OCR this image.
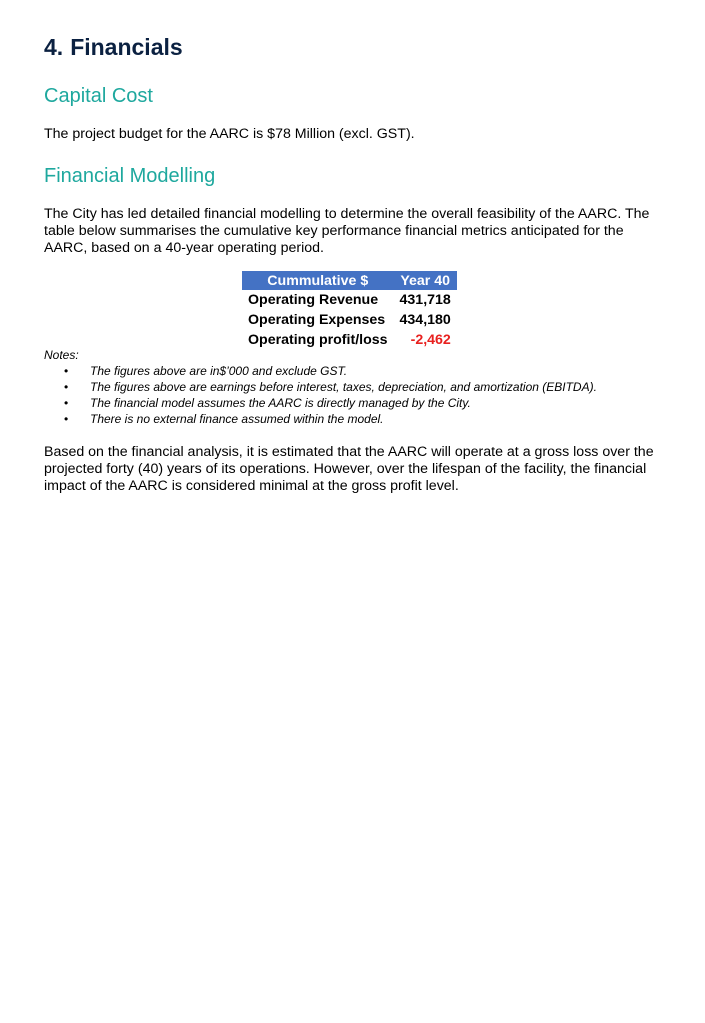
4. Financials
Capital Cost

The project budget for the AARC is $78 Million (excl. GST).

Financial Modelling

The City has led detailed financial modelling to determine the overall feasibility of the AARC. The
table below summarises the cumulative key performance financial metrics anticipated for the
AARC, based on a 40-year operating period.

Cummulative $	Year 40
Operating Revenue	431,718
Operating Expenses	434,180
Operating profit/loss	-2,462
Notes:
• The figures above are in$’000 and exclude GST.
• The figures above are earnings before interest, taxes, depreciation, and amortization (EBITDA).
• The financial model assumes the AARC is directly managed by the City.
• There is no external finance assumed within the model.

Based on the financial analysis, it is estimated that the AARC will operate at a gross loss over the
projected forty (40) years of its operations. However, over the lifespan of the facility, the financial
impact of the AARC is considered minimal at the gross profit level.
